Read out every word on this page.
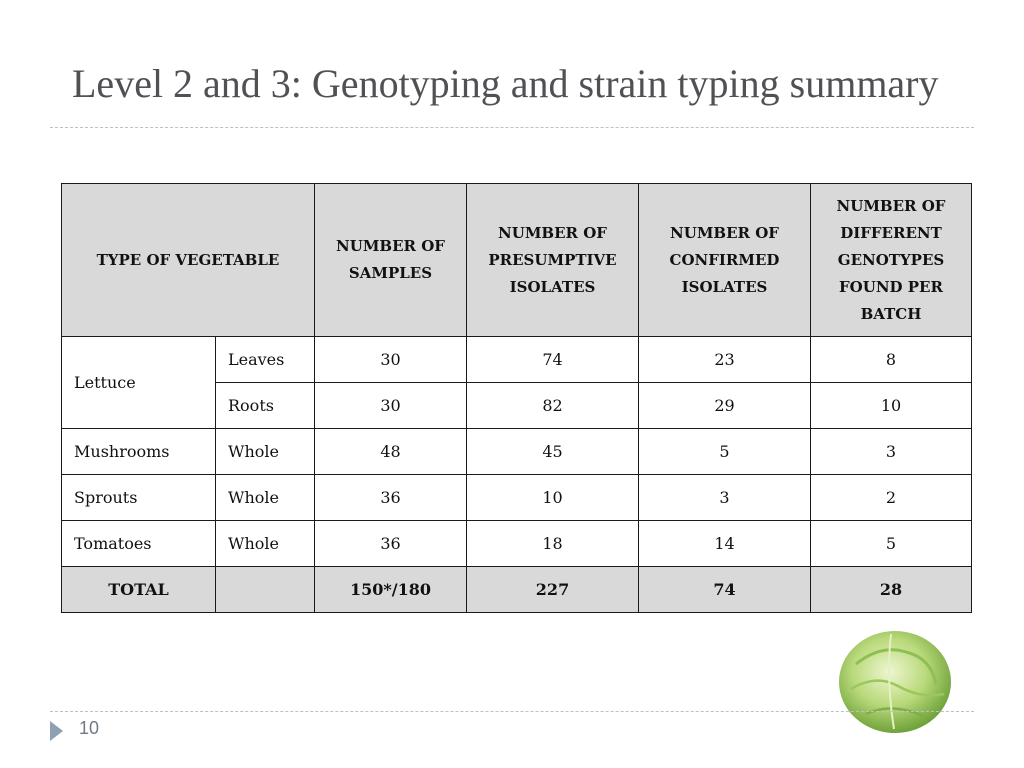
Level 2 and 3: Genotyping and strain typing summary
TYPE OF VEGETABLE		NUMBER OF SAMPLES	NUMBER OF PRESUMPTIVE ISOLATES	NUMBER OF CONFIRMED ISOLATES	NUMBER OF DIFFERENT GENOTYPES FOUND PER BATCH
Lettuce	Leaves	30	74	23	8
	Roots	30	82	29	10
Mushrooms	Whole	48	45	5	3
Sprouts	Whole	36	10	3	2
Tomatoes	Whole	36	18	14	5
TOTAL		150*/180	227	74	28
10
